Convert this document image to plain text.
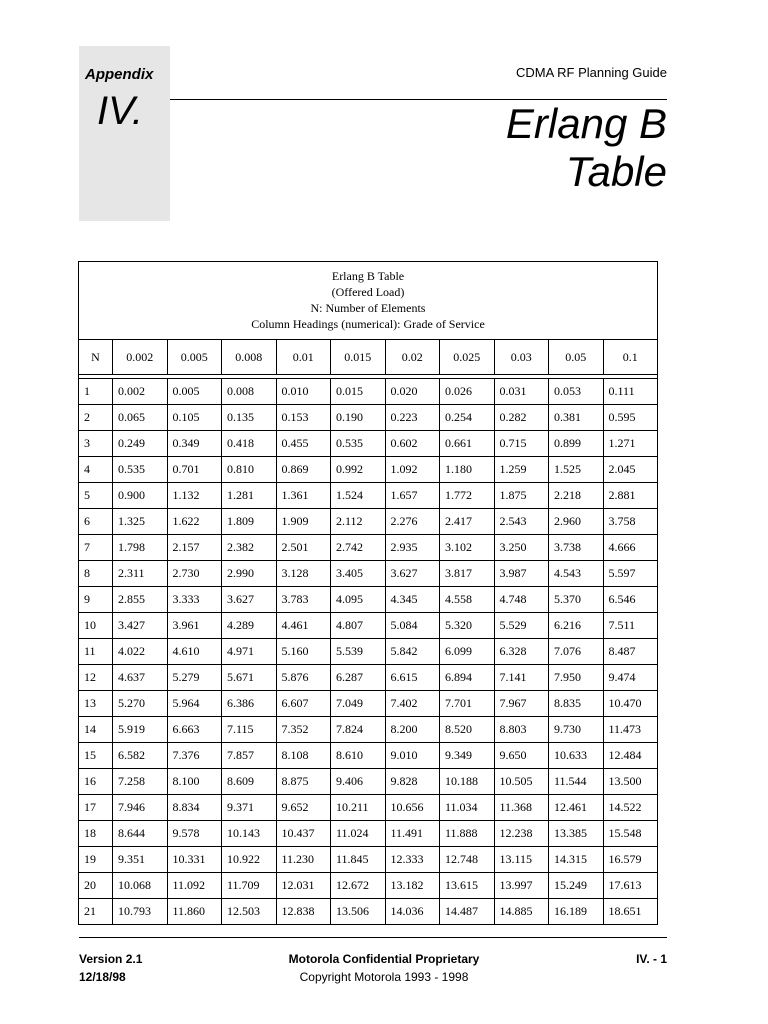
Appendix
IV.
CDMA RF Planning Guide
Erlang B
Table
Erlang B Table
(Offered Load)
N: Number of Elements
Column Headings (numerical): Grade of Service										

N	0.002	0.005	0.008	0.01	0.015	0.02	0.025	0.03	0.05	0.1

1	0.002	0.005	0.008	0.010	0.015	0.020	0.026	0.031	0.053	0.111
2	0.065	0.105	0.135	0.153	0.190	0.223	0.254	0.282	0.381	0.595
3	0.249	0.349	0.418	0.455	0.535	0.602	0.661	0.715	0.899	1.271
4	0.535	0.701	0.810	0.869	0.992	1.092	1.180	1.259	1.525	2.045
5	0.900	1.132	1.281	1.361	1.524	1.657	1.772	1.875	2.218	2.881
6	1.325	1.622	1.809	1.909	2.112	2.276	2.417	2.543	2.960	3.758
7	1.798	2.157	2.382	2.501	2.742	2.935	3.102	3.250	3.738	4.666
8	2.311	2.730	2.990	3.128	3.405	3.627	3.817	3.987	4.543	5.597
9	2.855	3.333	3.627	3.783	4.095	4.345	4.558	4.748	5.370	6.546
10	3.427	3.961	4.289	4.461	4.807	5.084	5.320	5.529	6.216	7.511
11	4.022	4.610	4.971	5.160	5.539	5.842	6.099	6.328	7.076	8.487
12	4.637	5.279	5.671	5.876	6.287	6.615	6.894	7.141	7.950	9.474
13	5.270	5.964	6.386	6.607	7.049	7.402	7.701	7.967	8.835	10.470
14	5.919	6.663	7.115	7.352	7.824	8.200	8.520	8.803	9.730	11.473
15	6.582	7.376	7.857	8.108	8.610	9.010	9.349	9.650	10.633	12.484
16	7.258	8.100	8.609	8.875	9.406	9.828	10.188	10.505	11.544	13.500
17	7.946	8.834	9.371	9.652	10.211	10.656	11.034	11.368	12.461	14.522
18	8.644	9.578	10.143	10.437	11.024	11.491	11.888	12.238	13.385	15.548
19	9.351	10.331	10.922	11.230	11.845	12.333	12.748	13.115	14.315	16.579
20	10.068	11.092	11.709	12.031	12.672	13.182	13.615	13.997	15.249	17.613
21	10.793	11.860	12.503	12.838	13.506	14.036	14.487	14.885	16.189	18.651
Version 2.1
12/18/98
Motorola Confidential Proprietary
Copyright Motorola 1993 - 1998
IV. - 1
